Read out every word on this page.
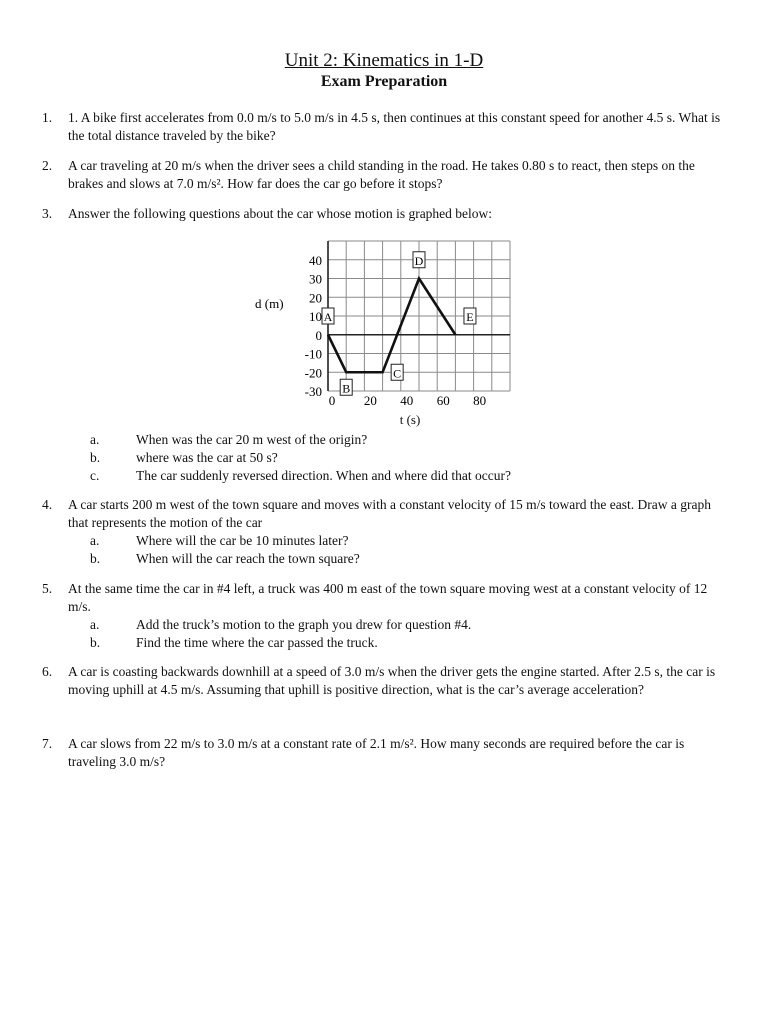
Unit 2: Kinematics in 1-D
Exam Preparation
1.	1. A bike first accelerates from 0.0 m/s to 5.0 m/s in 4.5 s, then continues at this constant speed for another 4.5 s. What is the total distance traveled by the bike?
2.	A car traveling at 20 m/s when the driver sees a child standing in the road. He takes 0.80 s to react, then steps on the brakes and slows at 7.0 m/s². How far does the car go before it stops?
3.	Answer the following questions about the car whose motion is graphed below:
40
30
20
10
0
-10
-20
-30
0 20 40 60 80
d (m)
A
B
C
D
E
t (s)
a.	When was the car 20 m west of the origin?
b.	where was the car at 50 s?
c.	The car suddenly reversed direction. When and where did that occur?
4.	A car starts 200 m west of the town square and moves with a constant velocity of 15 m/s toward the east. Draw a graph that represents the motion of the car
a.	Where will the car be 10 minutes later?
b.	When will the car reach the town square?
5.	At the same time the car in #4 left, a truck was 400 m east of the town square moving west at a constant velocity of 12 m/s.
a.	Add the truck’s motion to the graph you drew for question #4.
b.	Find the time where the car passed the truck.
6.	A car is coasting backwards downhill at a speed of 3.0 m/s when the driver gets the engine started. After 2.5 s, the car is moving uphill at 4.5 m/s. Assuming that uphill is positive direction, what is the car’s average acceleration?
7.	A car slows from 22 m/s to 3.0 m/s at a constant rate of 2.1 m/s². How many seconds are required before the car is traveling 3.0 m/s?
